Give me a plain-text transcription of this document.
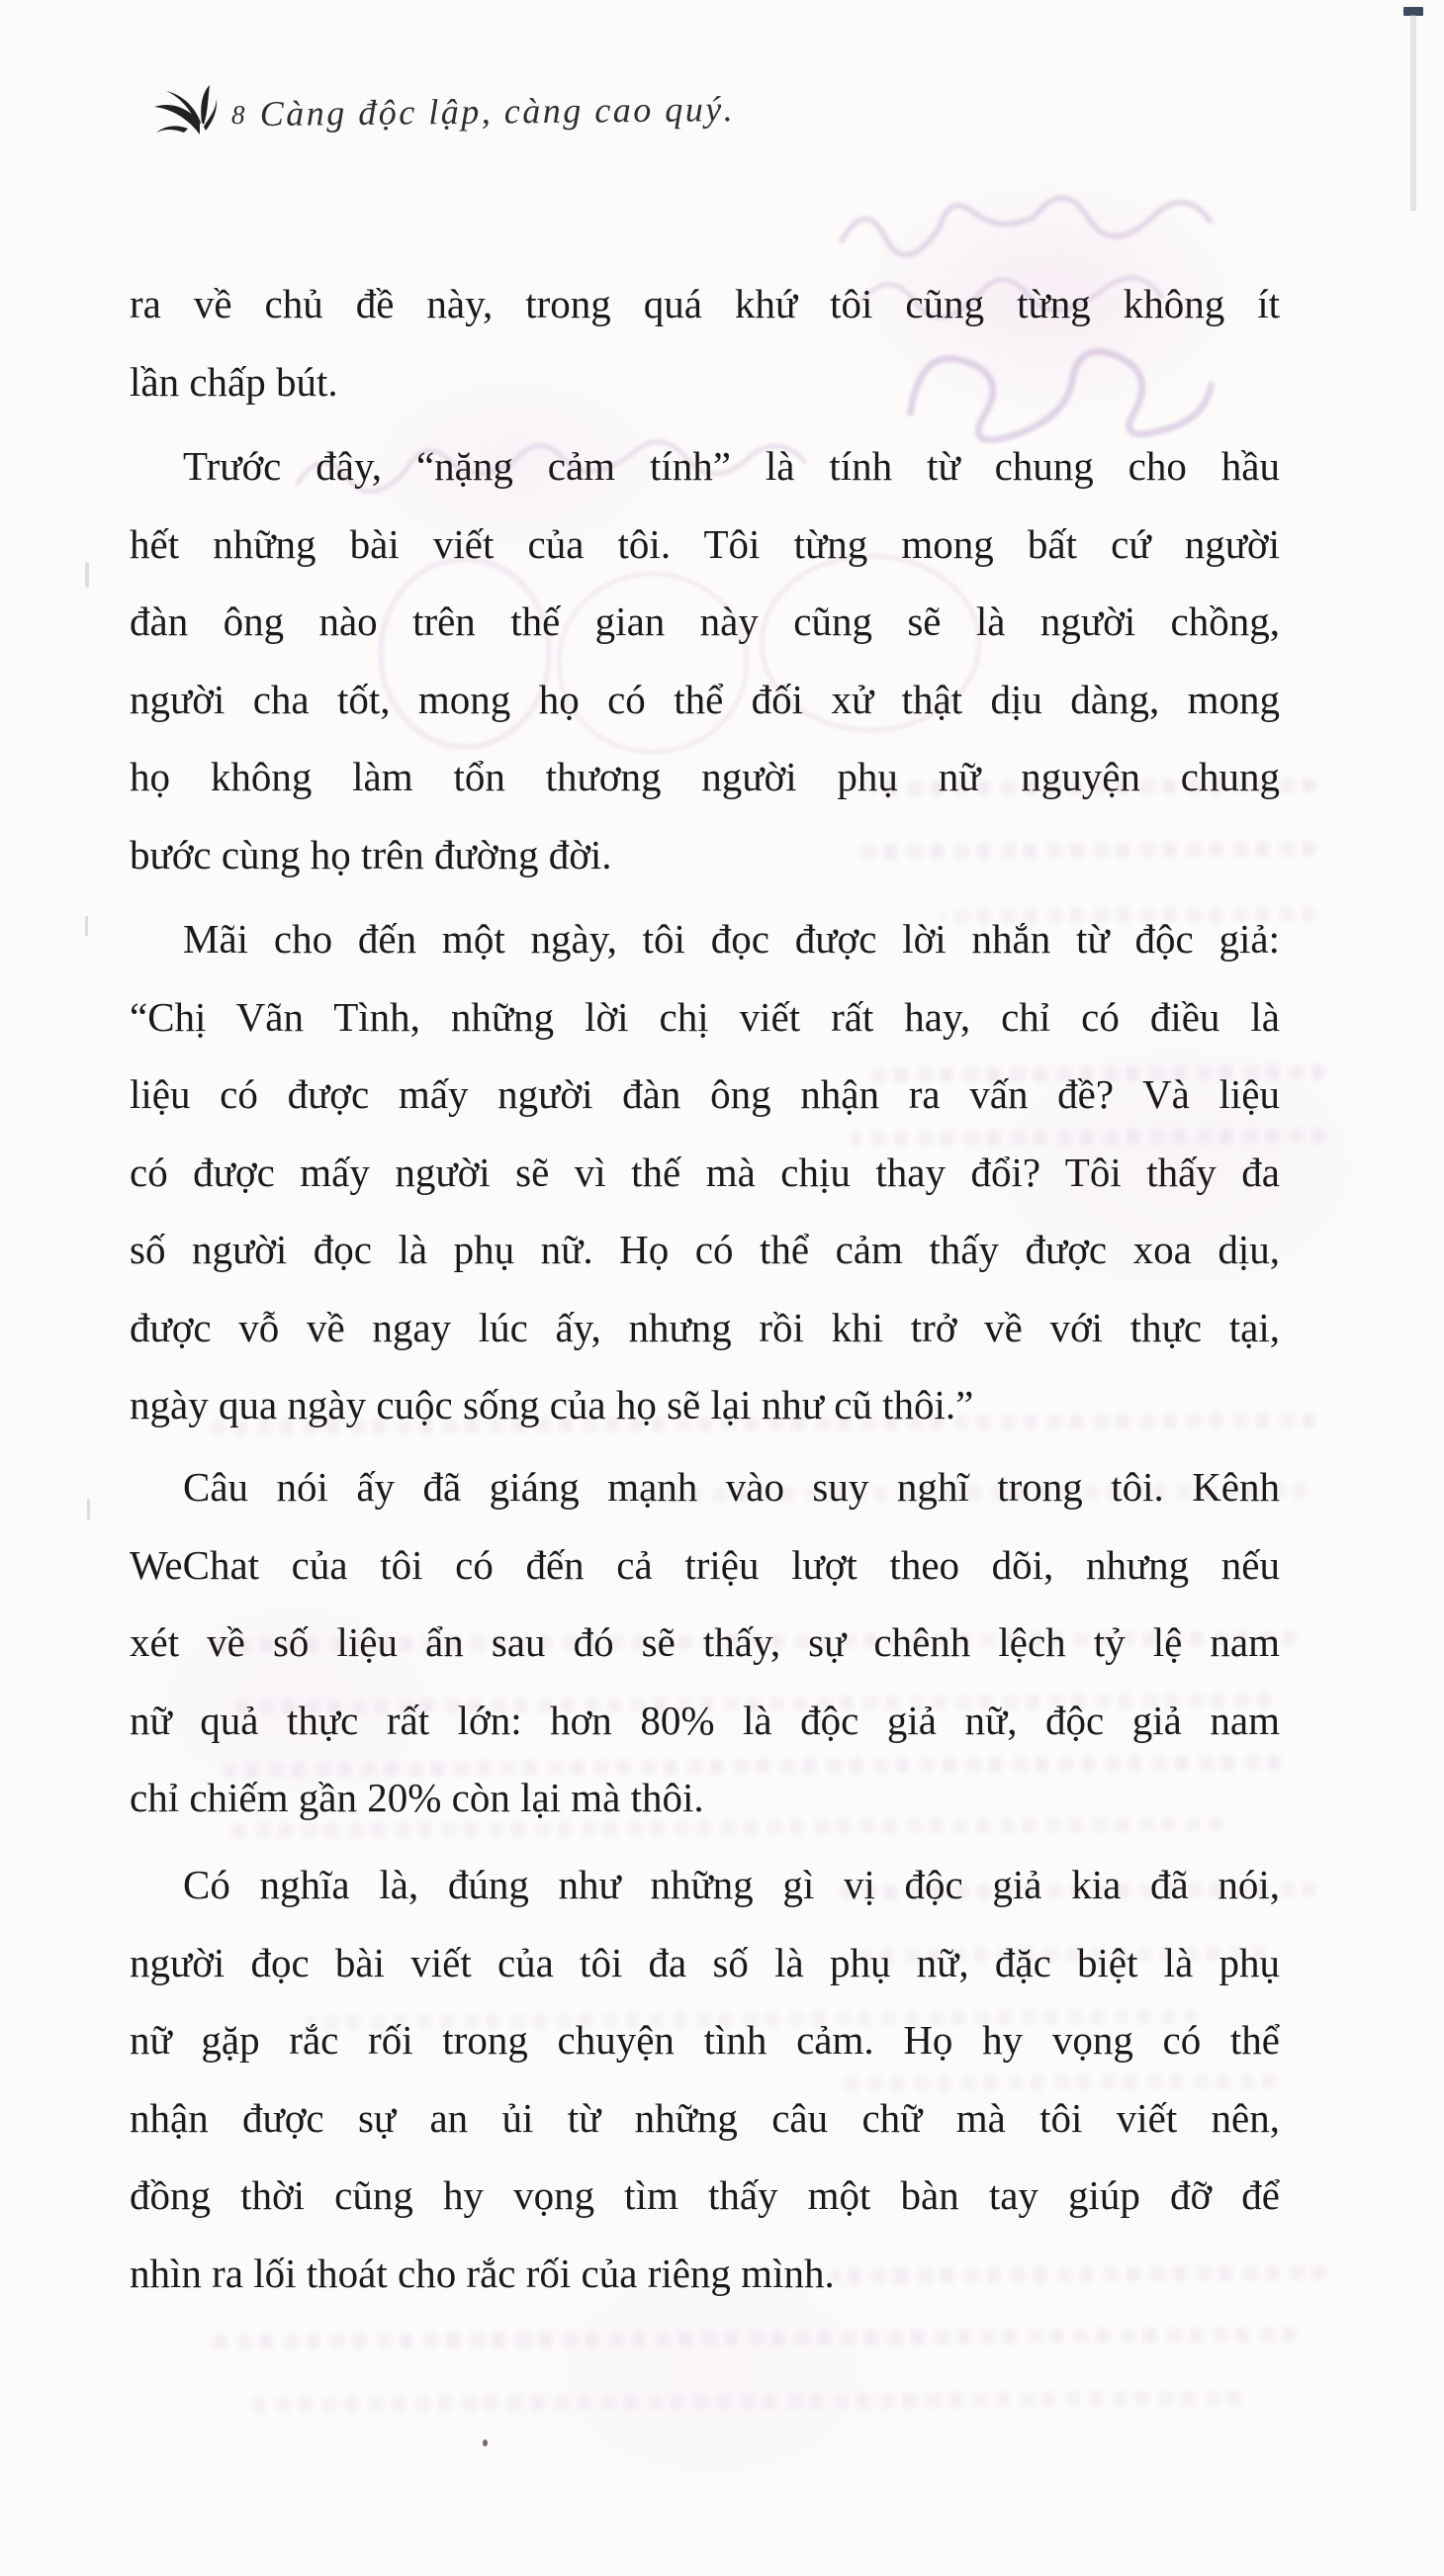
8 Càng độc lập, càng cao quý.
ra về chủ đề này, trong quá khứ tôi cũng từng không ít
lần chấp bút.
Trước đây, “nặng cảm tính” là tính từ chung cho hầu
hết những bài viết của tôi. Tôi từng mong bất cứ người
đàn ông nào trên thế gian này cũng sẽ là người chồng,
người cha tốt, mong họ có thể đối xử thật dịu dàng, mong
họ không làm tổn thương người phụ nữ nguyện chung
bước cùng họ trên đường đời.
Mãi cho đến một ngày, tôi đọc được lời nhắn từ độc giả:
“Chị Vãn Tình, những lời chị viết rất hay, chỉ có điều là
liệu có được mấy người đàn ông nhận ra vấn đề? Và liệu
có được mấy người sẽ vì thế mà chịu thay đổi? Tôi thấy đa
số người đọc là phụ nữ. Họ có thể cảm thấy được xoa dịu,
được vỗ về ngay lúc ấy, nhưng rồi khi trở về với thực tại,
ngày qua ngày cuộc sống của họ sẽ lại như cũ thôi.”
Câu nói ấy đã giáng mạnh vào suy nghĩ trong tôi. Kênh
WeChat của tôi có đến cả triệu lượt theo dõi, nhưng nếu
xét về số liệu ẩn sau đó sẽ thấy, sự chênh lệch tỷ lệ nam
nữ quả thực rất lớn: hơn 80% là độc giả nữ, độc giả nam
chỉ chiếm gần 20% còn lại mà thôi.
Có nghĩa là, đúng như những gì vị độc giả kia đã nói,
người đọc bài viết của tôi đa số là phụ nữ, đặc biệt là phụ
nữ gặp rắc rối trong chuyện tình cảm. Họ hy vọng có thể
nhận được sự an ủi từ những câu chữ mà tôi viết nên,
đồng thời cũng hy vọng tìm thấy một bàn tay giúp đỡ để
nhìn ra lối thoát cho rắc rối của riêng mình.
